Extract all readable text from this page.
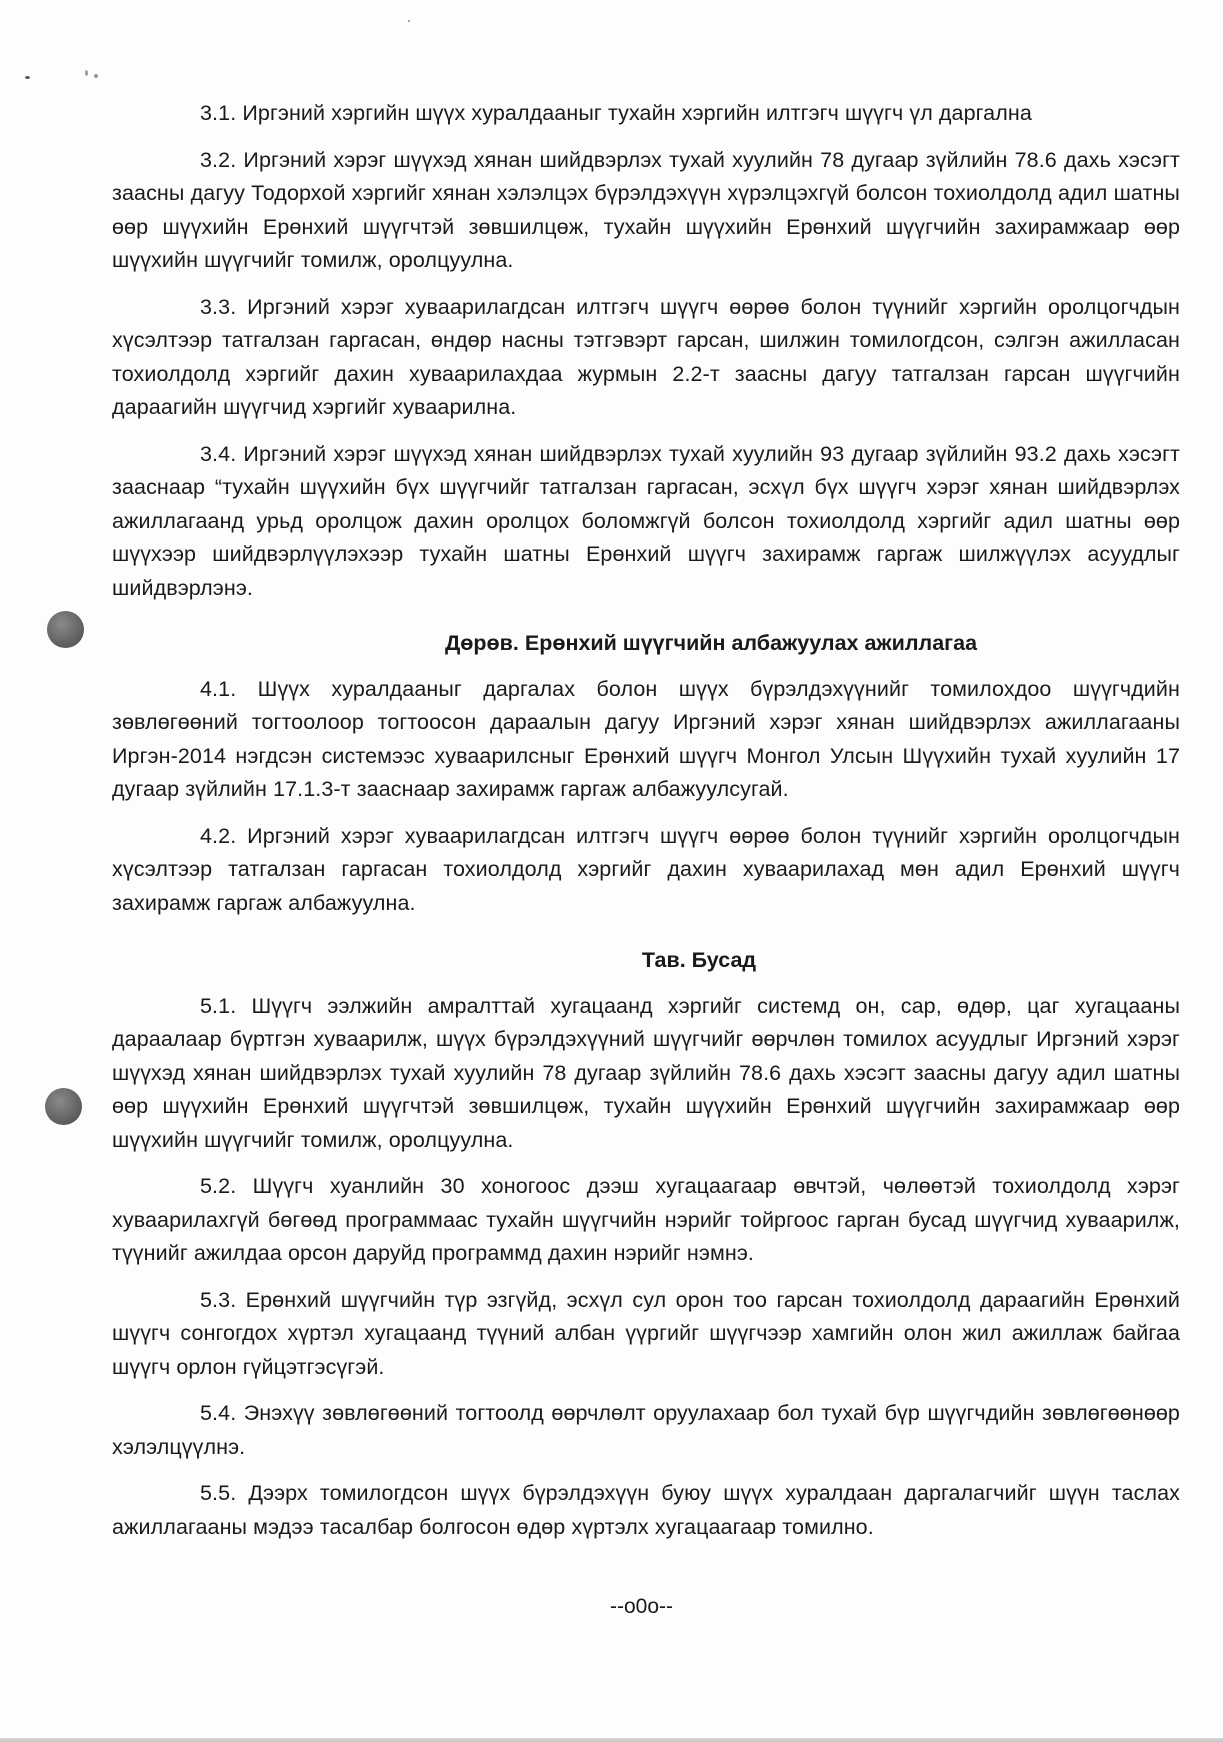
3.1. Иргэний хэргийн шүүх хуралдааныг тухайн хэргийн илтгэгч шүүгч үл даргална

3.2. Иргэний хэрэг шүүхэд хянан шийдвэрлэх тухай хуулийн 78 дугаар зүйлийн 78.6 дахь хэсэгт заасны дагуу Тодорхой хэргийг хянан хэлэлцэх бүрэлдэхүүн хүрэлцэхгүй болсон тохиолдолд адил шатны өөр шүүхийн Ерөнхий шүүгчтэй зөвшилцөж, тухайн шүүхийн Ерөнхий шүүгчийн захирамжаар өөр шүүхийн шүүгчийг томилж, оролцуулна.

3.3. Иргэний хэрэг хуваарилагдсан илтгэгч шүүгч өөрөө болон түүнийг хэргийн оролцогчдын хүсэлтээр татгалзан гаргасан, өндөр насны тэтгэвэрт гарсан, шилжин томилогдсон, сэлгэн ажилласан тохиолдолд хэргийг дахин хуваарилахдаа журмын 2.2-т заасны дагуу татгалзан гарсан шүүгчийн дараагийн шүүгчид хэргийг хуваарилна.

3.4. Иргэний хэрэг шүүхэд хянан шийдвэрлэх тухай хуулийн 93 дугаар зүйлийн 93.2 дахь хэсэгт зааснаар “тухайн шүүхийн бүх шүүгчийг татгалзан гаргасан, эсхүл бүх шүүгч хэрэг хянан шийдвэрлэх ажиллагаанд урьд оролцож дахин оролцох боломжгүй болсон тохиолдолд хэргийг адил шатны өөр шүүхээр шийдвэрлүүлэхээр тухайн шатны Ерөнхий шүүгч захирамж гаргаж шилжүүлэх асуудлыг шийдвэрлэнэ.

Дөрөв. Ерөнхий шүүгчийн албажуулах ажиллагаа

4.1. Шүүх хуралдааныг даргалах болон шүүх бүрэлдэхүүнийг томилохдоо шүүгчдийн зөвлөгөөний тогтоолоор тогтоосон дараалын дагуу Иргэний хэрэг хянан шийдвэрлэх ажиллагааны Иргэн-2014 нэгдсэн системээс хуваарилсныг Ерөнхий шүүгч Монгол Улсын Шүүхийн тухай хуулийн 17 дугаар зүйлийн 17.1.3-т зааснаар захирамж гаргаж албажуулсугай.

4.2. Иргэний хэрэг хуваарилагдсан илтгэгч шүүгч өөрөө болон түүнийг хэргийн оролцогчдын хүсэлтээр татгалзан гаргасан тохиолдолд хэргийг дахин хуваарилахад мөн адил Ерөнхий шүүгч захирамж гаргаж албажуулна.

Тав. Бусад

5.1. Шүүгч ээлжийн амралттай хугацаанд хэргийг системд он, сар, өдөр, цаг хугацааны дараалаар бүртгэн хуваарилж, шүүх бүрэлдэхүүний шүүгчийг өөрчлөн томилох асуудлыг Иргэний хэрэг шүүхэд хянан шийдвэрлэх тухай хуулийн 78 дугаар зүйлийн 78.6 дахь хэсэгт заасны дагуу адил шатны өөр шүүхийн Ерөнхий шүүгчтэй зөвшилцөж, тухайн шүүхийн Ерөнхий шүүгчийн захирамжаар өөр шүүхийн шүүгчийг томилж, оролцуулна.

5.2. Шүүгч хуанлийн 30 хоногоос дээш хугацаагаар өвчтэй, чөлөөтэй тохиолдолд хэрэг хуваарилахгүй бөгөөд программаас тухайн шүүгчийн нэрийг тойргоос гарган бусад шүүгчид хуваарилж, түүнийг ажилдаа орсон даруйд программд дахин нэрийг нэмнэ.

5.3. Ерөнхий шүүгчийн түр эзгүйд, эсхүл сул орон тоо гарсан тохиолдолд дараагийн Ерөнхий шүүгч сонгогдох хүртэл хугацаанд түүний албан үүргийг шүүгчээр хамгийн олон жил ажиллаж байгаа шүүгч орлон гүйцэтгэсүгэй.

5.4. Энэхүү зөвлөгөөний тогтоолд өөрчлөлт оруулахаар бол тухай бүр шүүгчдийн зөвлөгөөнөөр хэлэлцүүлнэ.

5.5. Дээрх томилогдсон шүүх бүрэлдэхүүн буюу шүүх хуралдаан даргалагчийг шүүн таслах ажиллагааны мэдээ тасалбар болгосон өдөр хүртэлх хугацаагаар томилно.

--o0o--
